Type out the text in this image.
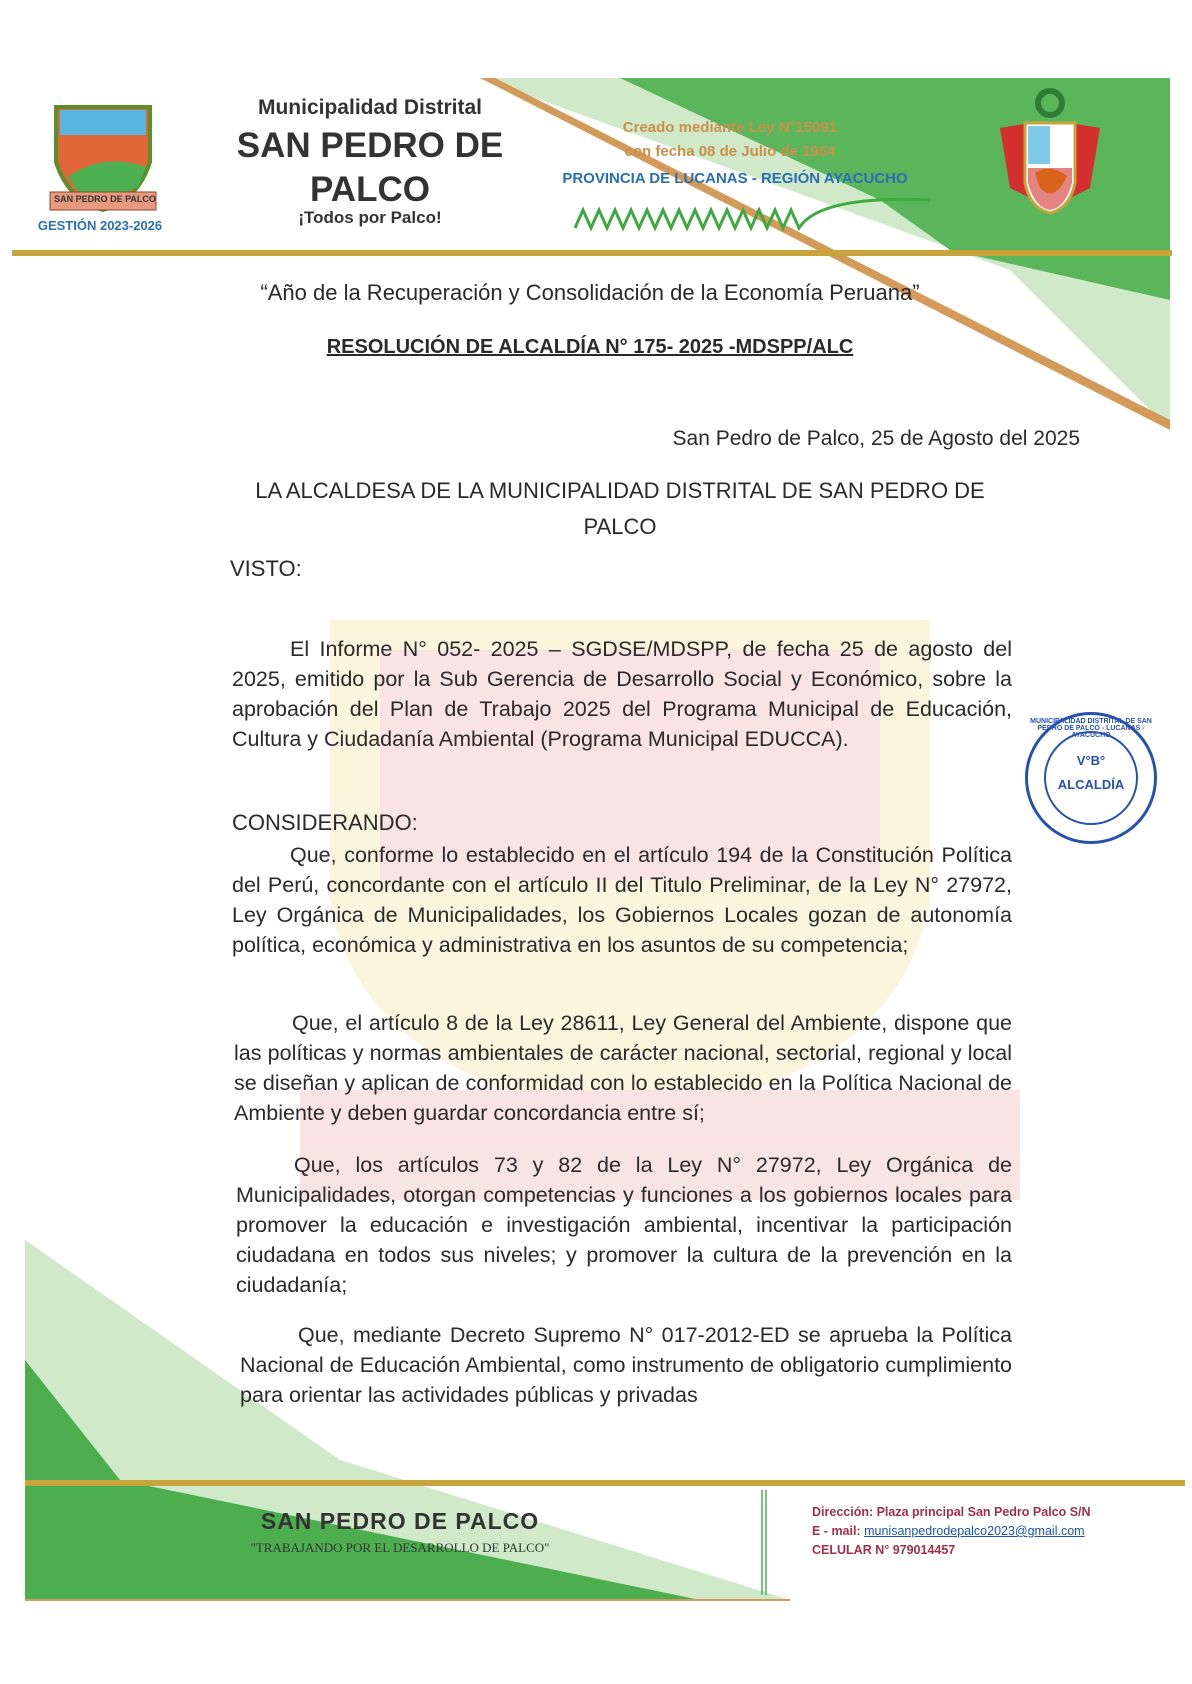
SAN PEDRO DE PALCO
GESTIÓN 2023-2026
Municipalidad Distrital
SAN PEDRO DE
PALCO
¡Todos por Palco!
Creado mediante Ley N°15091
con fecha 08 de Julio de 1964
PROVINCIA DE LUCANAS - REGIÓN AYACUCHO
“Año de la Recuperación y Consolidación de la Economía Peruana”
RESOLUCIÓN DE ALCALDÍA N° 175- 2025 -MDSPP/ALC
San Pedro de Palco, 25 de Agosto del 2025
LA ALCALDESA DE LA MUNICIPALIDAD DISTRITAL DE SAN PEDRO DE PALCO
VISTO:
El Informe N° 052- 2025 – SGDSE/MDSPP, de fecha 25 de agosto del 2025, emitido por la Sub Gerencia de Desarrollo Social y Económico, sobre la aprobación del Plan de Trabajo 2025 del Programa Municipal de Educación, Cultura y Ciudadanía Ambiental (Programa Municipal EDUCCA).
CONSIDERANDO:
Que, conforme lo establecido en el artículo 194 de la Constitución Política del Perú, concordante con el artículo II del Titulo Preliminar, de la Ley N° 27972, Ley Orgánica de Municipalidades, los Gobiernos Locales gozan de autonomía política, económica y administrativa en los asuntos de su competencia;
Que, el artículo 8 de la Ley 28611, Ley General del Ambiente, dispone que las políticas y normas ambientales de carácter nacional, sectorial, regional y local se diseñan y aplican de conformidad con lo establecido en la Política Nacional de Ambiente y deben guardar concordancia entre sí;
Que, los artículos 73 y 82 de la Ley N° 27972, Ley Orgánica de Municipalidades, otorgan competencias y funciones a los gobiernos locales para promover la educación e investigación ambiental, incentivar la participación ciudadana en todos sus niveles; y promover la cultura de la prevención en la ciudadanía;
Que, mediante Decreto Supremo N° 017-2012-ED se aprueba la Política Nacional de Educación Ambiental, como instrumento de obligatorio cumplimiento para orientar las actividades públicas y privadas
MUNICIPALIDAD DISTRITAL DE SAN PEDRO DE PALCO - LUCANAS - AYACUCHO
V°B°
ALCALDÍA
SAN PEDRO DE PALCO
"TRABAJANDO POR EL DESARROLLO DE PALCO"
Dirección: Plaza principal San Pedro Palco S/N
E - mail: munisanpedrodepalco2023@gmail.com
CELULAR N° 979014457
